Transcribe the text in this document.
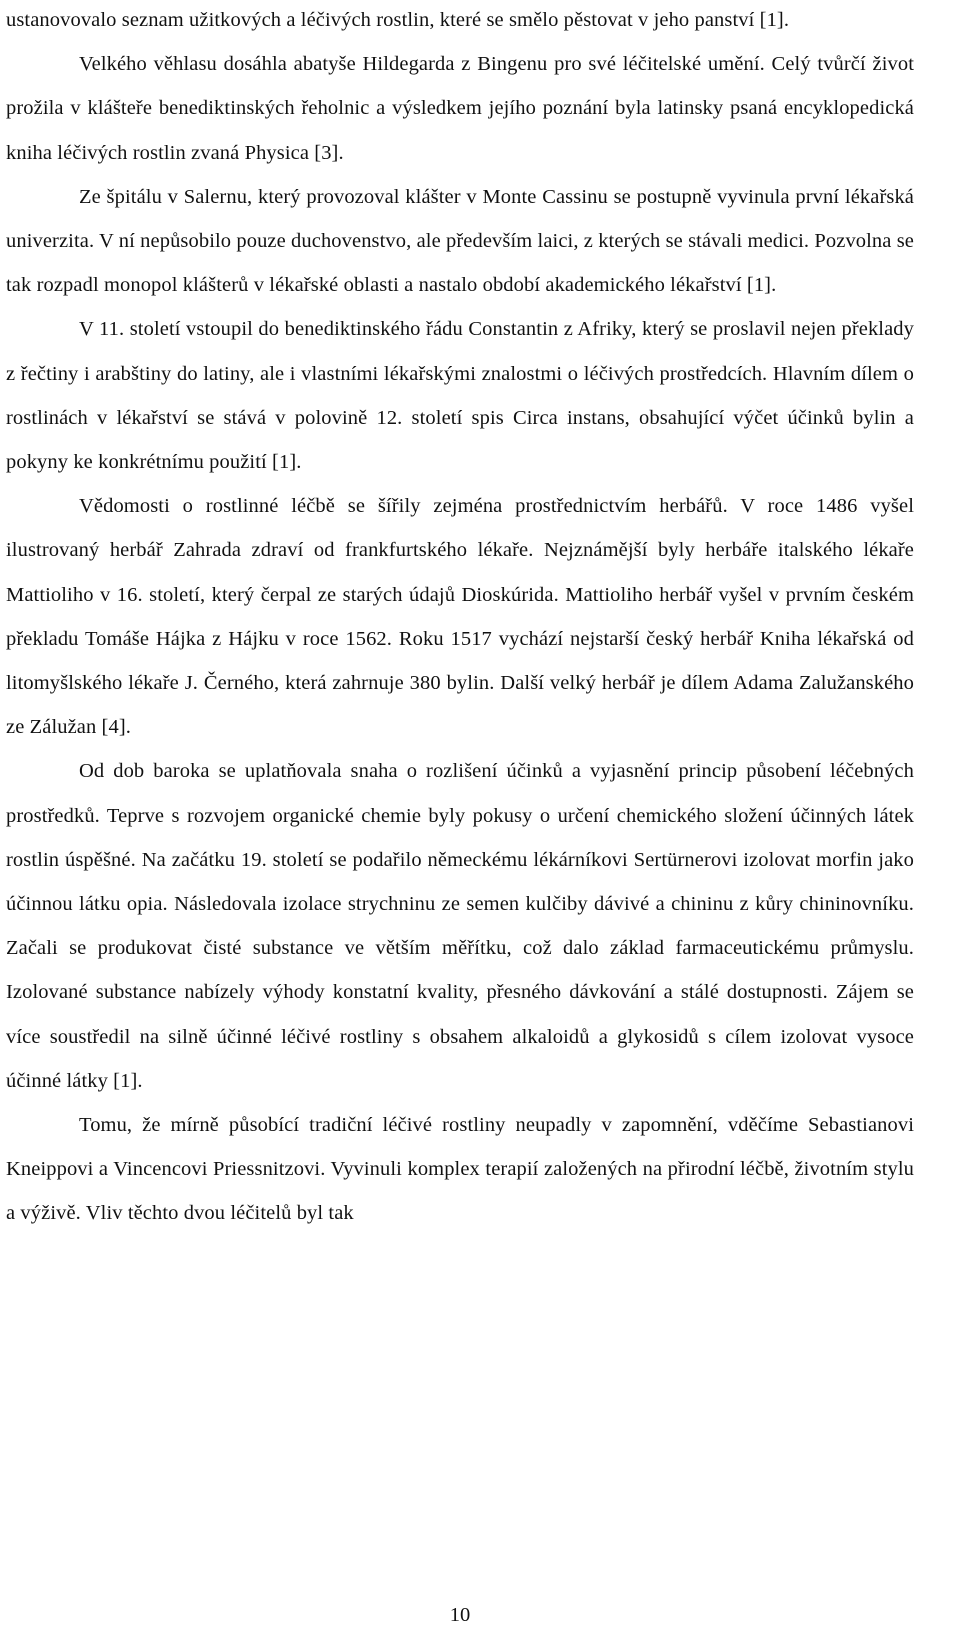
ustanovovalo seznam užitkových a léčivých rostlin, které se smělo pěstovat v jeho panství [1].

Velkého věhlasu dosáhla abatyše Hildegarda z Bingenu pro své léčitelské umění. Celý tvůrčí život prožila v klášteře benediktinských řeholnic a výsledkem jejího poznání byla latinsky psaná encyklopedická kniha léčivých rostlin zvaná Physica [3].

Ze špitálu v Salernu, který provozoval klášter v Monte Cassinu se postupně vyvinula první lékařská univerzita. V ní nepůsobilo pouze duchovenstvo, ale především laici, z kterých se stávali medici. Pozvolna se tak rozpadl monopol klášterů v lékařské oblasti a nastalo období akademického lékařství [1].

V 11. století vstoupil do benediktinského řádu Constantin z Afriky, který se proslavil nejen překlady z řečtiny i arabštiny do latiny, ale i vlastními lékařskými znalostmi o léčivých prostředcích. Hlavním dílem o rostlinách v lékařství se stává v polovině 12. století spis Circa instans, obsahující výčet účinků bylin a pokyny ke konkrétnímu použití [1].

Vědomosti o rostlinné léčbě se šířily zejména prostřednictvím herbářů. V roce 1486 vyšel ilustrovaný herbář Zahrada zdraví od frankfurtského lékaře. Nejznámější byly herbáře italského lékaře Mattioliho v 16. století, který čerpal ze starých údajů Dioskúrida. Mattioliho herbář vyšel v prvním českém překladu Tomáše Hájka z Hájku v roce 1562. Roku 1517 vychází nejstarší český herbář Kniha lékařská od litomyšlského lékaře J. Černého, která zahrnuje 380 bylin. Další velký herbář je dílem Adama Zalužanského ze Zálužan [4].

Od dob baroka se uplatňovala snaha o rozlišení účinků a vyjasnění princip působení léčebných prostředků. Teprve s rozvojem organické chemie byly pokusy o určení chemického složení účinných látek rostlin úspěšné. Na začátku 19. století se podařilo německému lékárníkovi Sertürnerovi izolovat morfin jako účinnou látku opia. Následovala izolace strychninu ze semen kulčiby dávivé a chininu z kůry chininovníku. Začali se produkovat čisté substance ve větším měřítku, což dalo základ farmaceutickému průmyslu. Izolované substance nabízely výhody konstatní kvality, přesného dávkování a stálé dostupnosti. Zájem se více soustředil na silně účinné léčivé rostliny s obsahem alkaloidů a glykosidů s cílem izolovat vysoce účinné látky [1].

Tomu, že mírně působící tradiční léčivé rostliny neupadly v zapomnění, vděčíme Sebastianovi Kneippovi a Vincencovi Priessnitzovi. Vyvinuli komplex terapií založených na přirodní léčbě, životním stylu a výživě. Vliv těchto dvou léčitelů byl tak

10
